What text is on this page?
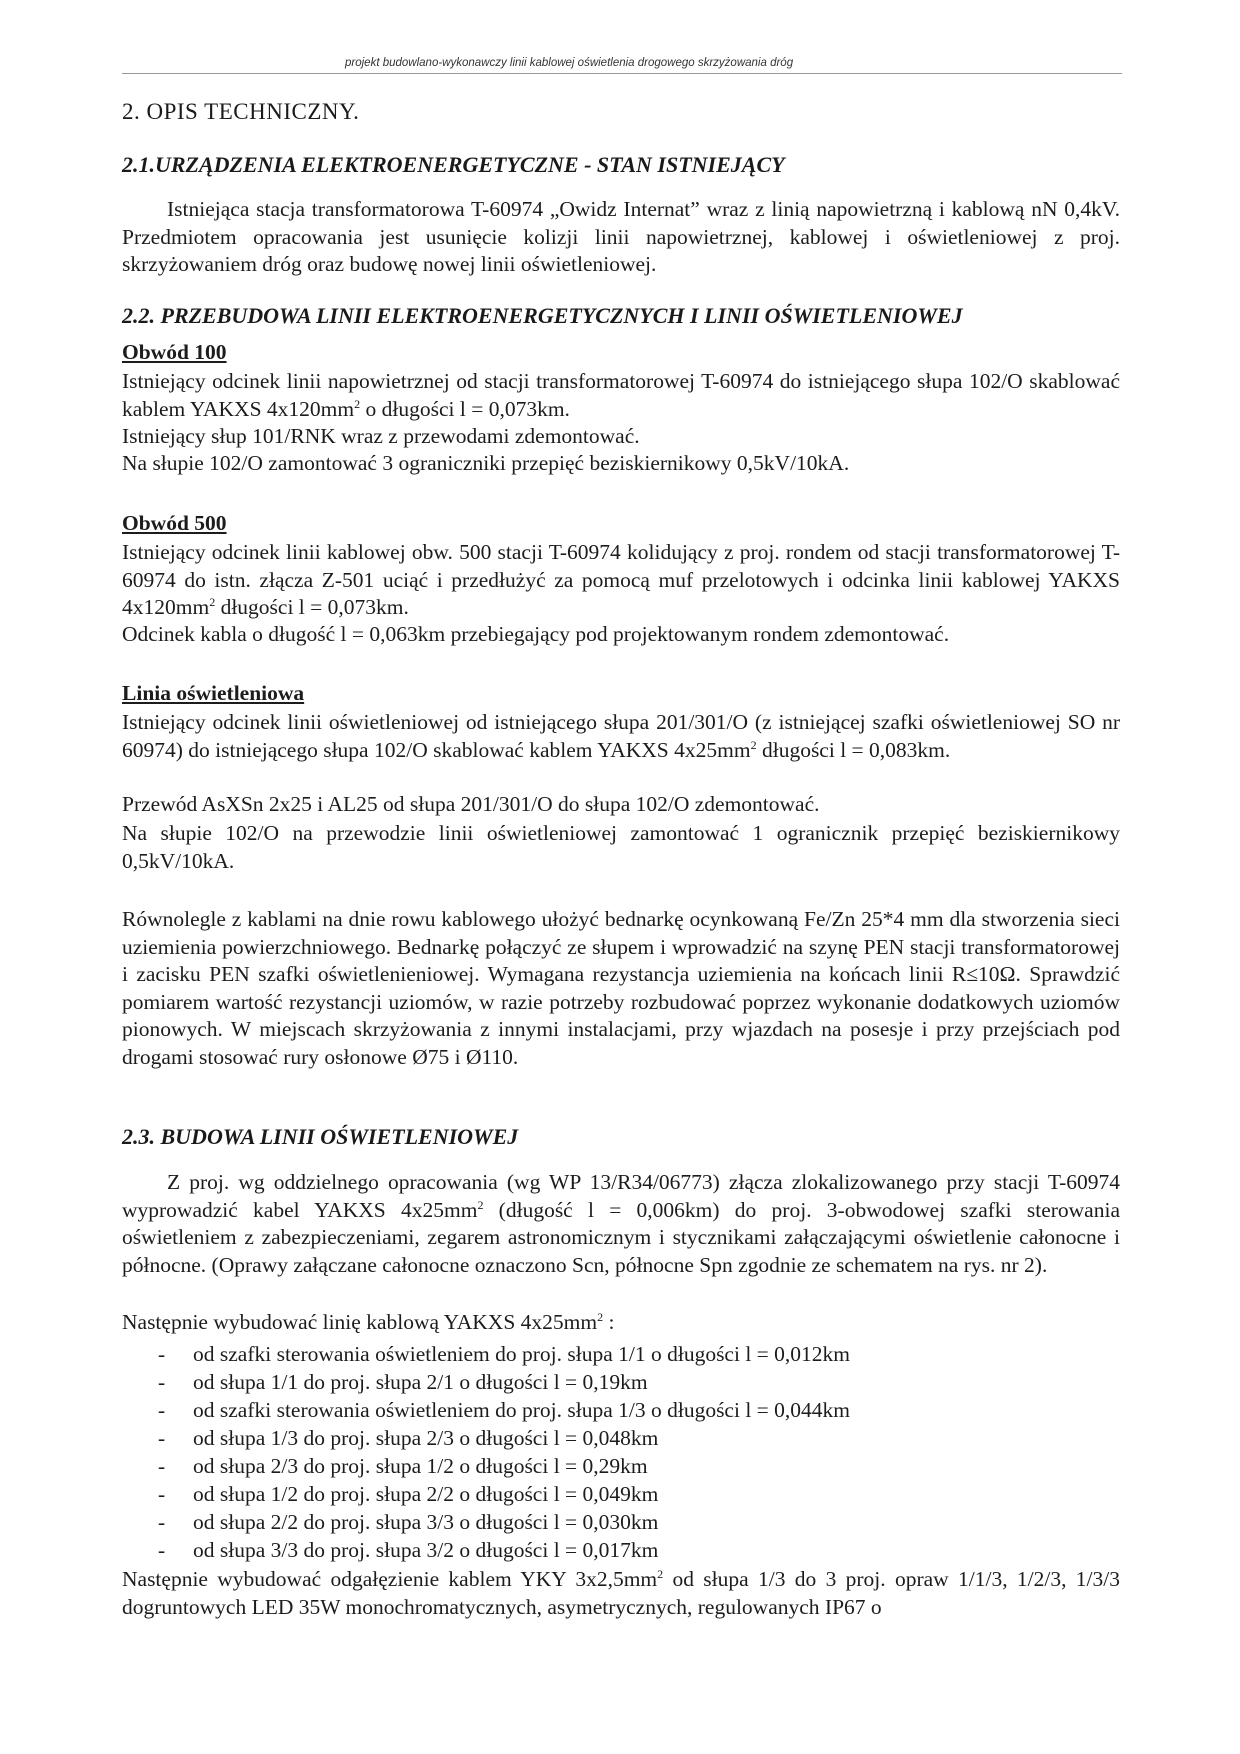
projekt budowlano-wykonawczy linii kablowej oświetlenia drogowego skrzyżowania dróg
2. OPIS TECHNICZNY.
2.1.URZĄDZENIA ELEKTROENERGETYCZNE - STAN ISTNIEJĄCY

Istniejąca stacja transformatorowa T-60974 „Owidz Internat” wraz z linią napowietrzną i kablową nN 0,4kV. Przedmiotem opracowania jest usunięcie kolizji linii napowietrznej, kablowej i oświetleniowej z proj. skrzyżowaniem dróg oraz budowę nowej linii oświetleniowej.

2.2. PRZEBUDOWA LINII ELEKTROENERGETYCZNYCH I LINII OŚWIETLENIOWEJ
Obwód 100

Istniejący odcinek linii napowietrznej od stacji transformatorowej T-60974 do istniejącego słupa 102/O skablować kablem YAKXS $4x120mm^2$ o długości l = 0,073km.

Istniejący słup 101/RNK wraz z przewodami zdemontować.
Na słupie 102/O zamontować 3 ograniczniki przepięć beziskiernikowy 0,5kV/10kA.
Obwód 500

Istniejący odcinek linii kablowej obw. 500 stacji T-60974 kolidujący z proj. rondem od stacji transformatorowej T-60974 do istn. złącza Z-501 uciąć i przedłużyć za pomocą muf przelotowych i odcinka linii kablowej YAKXS $4x120mm^2$ długości l = 0,073km.

Odcinek kabla o długość l = 0,063km przebiegający pod projektowanym rondem zdemontować.
Linia oświetleniowa

Istniejący odcinek linii oświetleniowej od istniejącego słupa 201/301/O (z istniejącej szafki oświetleniowej SO nr 60974) do istniejącego słupa 102/O skablować kablem YAKXS $4x25mm^2$ długości l = 0,083km.

Przewód AsXSn 2x25 i AL25 od słupa 201/301/O do słupa 102/O zdemontować.

Na słupie 102/O na przewodzie linii oświetleniowej zamontować 1 ogranicznik przepięć beziskiernikowy 0,5kV/10kA.

Równolegle z kablami na dnie rowu kablowego ułożyć bednarkę ocynkowaną Fe/Zn 25*4 mm dla stworzenia sieci uziemienia powierzchniowego. Bednarkę połączyć ze słupem i wprowadzić na szynę PEN stacji transformatorowej i zacisku PEN szafki oświetlenieniowej. Wymagana rezystancja uziemienia na końcach linii R≤10Ω. Sprawdzić pomiarem wartość rezystancji uziomów, w razie potrzeby rozbudować poprzez wykonanie dodatkowych uziomów pionowych. W miejscach skrzyżowania z innymi instalacjami, przy wjazdach na posesje i przy przejściach pod drogami stosować rury osłonowe Ø75 i Ø110.

2.3. BUDOWA LINII OŚWIETLENIOWEJ

Z proj. wg oddzielnego opracowania (wg WP 13/R34/06773) złącza zlokalizowanego przy stacji T-60974 wyprowadzić kabel YAKXS $4x25mm^2$ (długość l = 0,006km) do proj. 3-obwodowej szafki sterowania oświetleniem z zabezpieczeniami, zegarem astronomicznym i stycznikami załączającymi oświetlenie całonocne i północne. (Oprawy załączane całonocne oznaczono Scn, północne Spn zgodnie ze schematem na rys. nr 2).

Następnie wybudować linię kablową YAKXS $4x25mm^2$ :
- od szafki sterowania oświetleniem do proj. słupa 1/1 o długości l = 0,012km
- od słupa 1/1 do proj. słupa 2/1 o długości l = 0,19km
- od szafki sterowania oświetleniem do proj. słupa 1/3 o długości l = 0,044km
- od słupa 1/3 do proj. słupa 2/3 o długości l = 0,048km
- od słupa 2/3 do proj. słupa 1/2 o długości l = 0,29km
- od słupa 1/2 do proj. słupa 2/2 o długości l = 0,049km
- od słupa 2/2 do proj. słupa 3/3 o długości l = 0,030km
- od słupa 3/3 do proj. słupa 3/2 o długości l = 0,017km

Następnie wybudować odgałęzienie kablem YKY $3x2,5mm^2$ od słupa 1/3 do 3 proj. opraw 1/1/3, 1/2/3, 1/3/3 dogruntowych LED 35W monochromatycznych, asymetrycznych, regulowanych IP67 o
